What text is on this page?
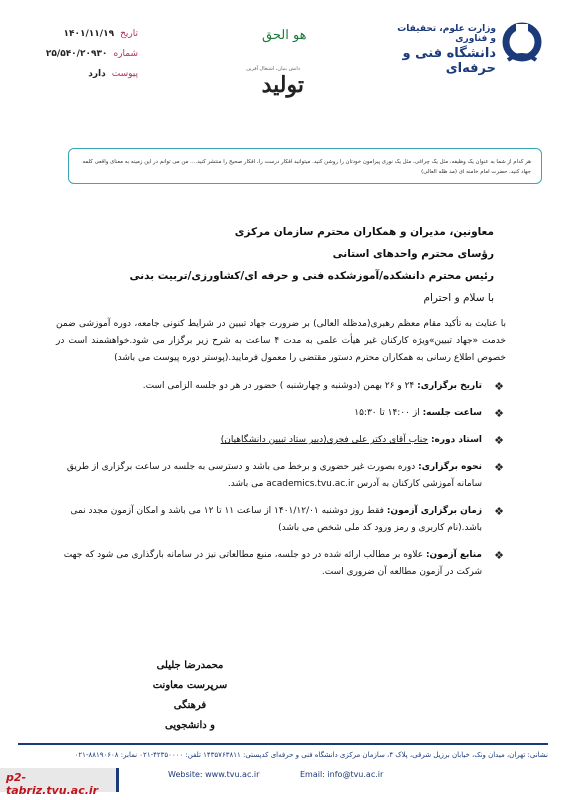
تاریخ
۱۴۰۱/۱۱/۱۹
شماره
۲۵/۵۴۰/۲۰۹۳۰
پیوست
دارد
هو الحق
دانش بنیان، اشتغال آفرین
تولید
وزارت علوم، تحقیقات و فناوری
دانشگاه فنی و حرفه‌ای

هر کدام از شما به عنوان یک وظیفه، مثل یک چراغی، مثل یک نوری پیرامون خودتان را روشن کنید. میتوانید افکار درست را، افکار صحیح را منتشر کنید…. من می توانم در این زمینه به معنای واقعی کلمه جهاد کنید. حضرت امام خامنه ای (مد ظله العالی)

معاونین، مدیران و همکاران محترم سازمان مرکزی
رؤسای محترم واحدهای استانی
رئیس محترم دانشکده/آموزشکده فنی و حرفه ای/کشاورزی/تربیت بدنی
با سلام و احترام
با عنایت به تأکید مقام معظم رهبری(مدظله العالی) بر ضرورت جهاد تبیین در شرایط کنونی جامعه، دوره آموزشی ضمن خدمت «جهاد تبیین»ویژه کارکنان غیر هیأت علمی به مدت ۴ ساعت به شرح زیر برگزار می شود.خواهشمند است در خصوص اطلاع رسانی به همکاران محترم دستور مقتضی را معمول فرمایید.(پوستر دوره پیوست می باشد)
❖
تاریخ برگزاری: ۲۴ و ۲۶ بهمن (دوشنبه و چهارشنبه ) حضور در هر دو جلسه الزامی است.
❖
ساعت جلسه: از ۱۴:۰۰ تا ۱۵:۳۰
❖
استاد دوره: جناب آقای دکتر علی فجری(دبیر ستاد تبیین دانشگاهیان)
❖
نحوه برگزاری: دوره بصورت غیر حضوری و برخط می باشد و دسترسی به جلسه در ساعت برگزاری از طریق سامانه آموزشی کارکنان به آدرس academics.tvu.ac.ir می باشد.
❖
زمان برگزاری آزمون: فقط روز دوشنبه ۱۴۰۱/۱۲/۰۱ از ساعت ۱۱ تا ۱۲ می باشد و امکان آزمون مجدد نمی باشد.(نام کاربری و رمز ورود کد ملی شخص می باشد)
❖
منابع آزمون: علاوه بر مطالب ارائه شده در دو جلسه، منبع مطالعاتی نیز در سامانه بارگذاری می شود که جهت شرکت در آزمون مطالعه آن ضروری است.
محمدرضا جلیلی
سرپرست معاونت فرهنگی
و دانشجویی
نشانی: تهران، میدان ونک، خیابان برزیل شرقی، پلاک ۴، سازمان مرکزی دانشگاه فنی و حرفه‌ای کدپستی: ۱۴۳۵۷۶۳۸۱۱ تلفن: ۴۲۳۵۰۰۰۰-۰۲۱ نمابر: ۸۸۱۹۰۶۰۸-۰۲۱
Website: www.tvu.ac.ir	Email: info@tvu.ac.ir
p2-tabriz.tvu.ac.ir
